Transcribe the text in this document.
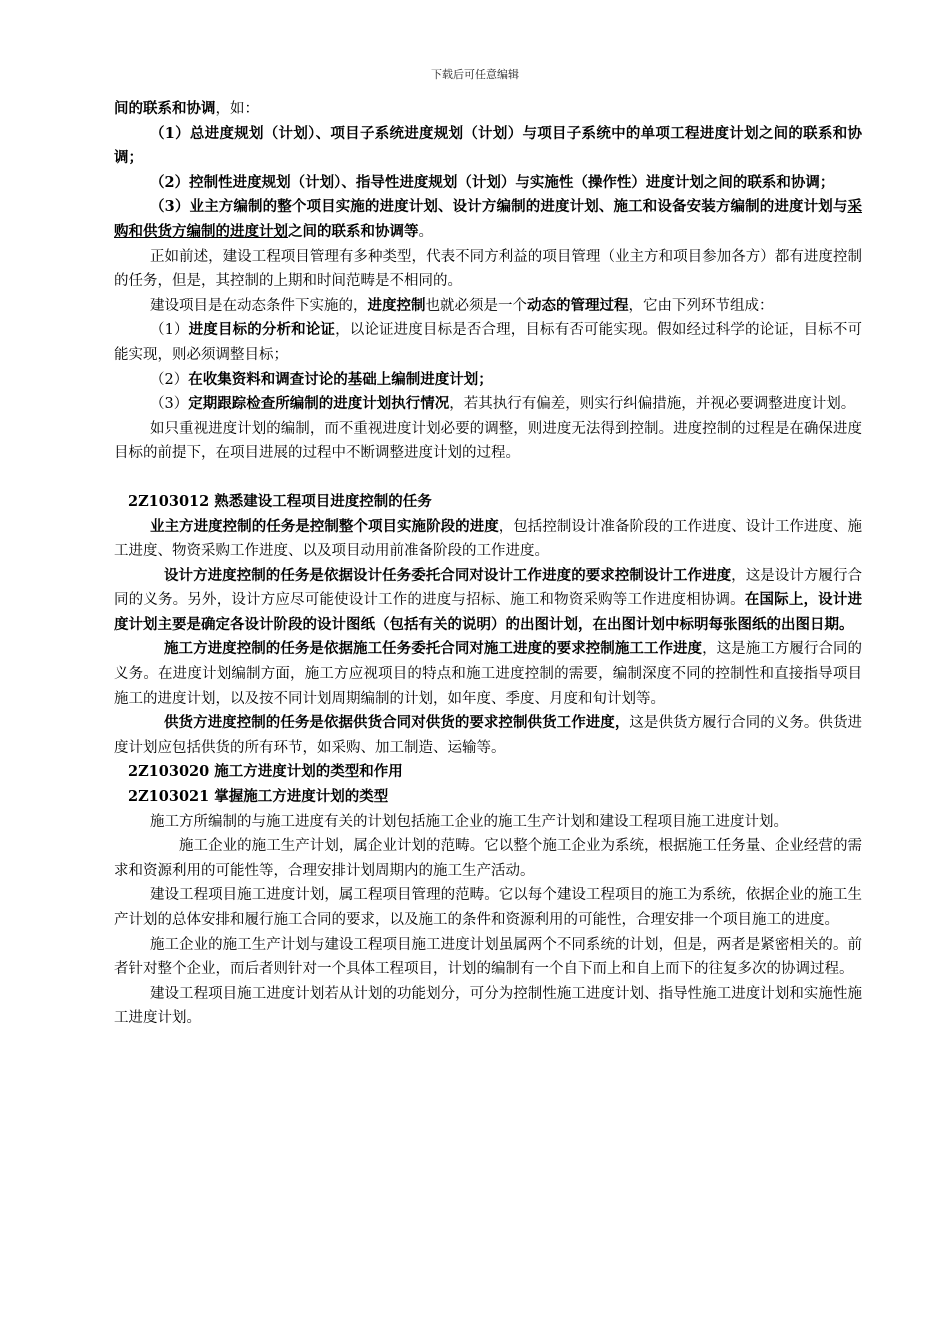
下载后可任意编辑

间的联系和协调，如：

（1）总进度规划（计划）、项目子系统进度规划（计划）与项目子系统中的单项工程进度计划之间的联系和协调；

（2）控制性进度规划（计划）、指导性进度规划（计划）与实施性（操作性）进度计划之间的联系和协调；

（3）业主方编制的整个项目实施的进度计划、设计方编制的进度计划、施工和设备安装方编制的进度计划与采购和供货方编制的进度计划之间的联系和协调等。

正如前述，建设工程项目管理有多种类型，代表不同方利益的项目管理（业主方和项目参加各方）都有进度控制的任务，但是，其控制的上期和时间范畴是不相同的。

建设项目是在动态条件下实施的，进度控制也就必须是一个动态的管理过程，它由下列环节组成：

（1）进度目标的分析和论证，以论证进度目标是否合理，目标有否可能实现。假如经过科学的论证，目标不可能实现，则必须调整目标；

（2）在收集资料和调查讨论的基础上编制进度计划；

（3）定期跟踪检查所编制的进度计划执行情况，若其执行有偏差，则实行纠偏措施，并视必要调整进度计划。

如只重视进度计划的编制，而不重视进度计划必要的调整，则进度无法得到控制。进度控制的过程是在确保进度目标的前提下，在项目进展的过程中不断调整进度计划的过程。

2Z103012 熟悉建设工程项目进度控制的任务

业主方进度控制的任务是控制整个项目实施阶段的进度，包括控制设计准备阶段的工作进度、设计工作进度、施工进度、物资采购工作进度、以及项目动用前准备阶段的工作进度。

设计方进度控制的任务是依据设计任务委托合同对设计工作进度的要求控制设计工作进度，这是设计方履行合同的义务。另外，设计方应尽可能使设计工作的进度与招标、施工和物资采购等工作进度相协调。在国际上，设计进度计划主要是确定各设计阶段的设计图纸（包括有关的说明）的出图计划，在出图计划中标明每张图纸的出图日期。

施工方进度控制的任务是依据施工任务委托合同对施工进度的要求控制施工工作进度，这是施工方履行合同的义务。在进度计划编制方面，施工方应视项目的特点和施工进度控制的需要，编制深度不同的控制性和直接指导项目施工的进度计划，以及按不同计划周期编制的计划，如年度、季度、月度和旬计划等。

供货方进度控制的任务是依据供货合同对供货的要求控制供货工作进度，这是供货方履行合同的义务。供货进度计划应包括供货的所有环节，如采购、加工制造、运输等。

2Z103020 施工方进度计划的类型和作用

2Z103021 掌握施工方进度计划的类型

施工方所编制的与施工进度有关的计划包括施工企业的施工生产计划和建设工程项目施工进度计划。

施工企业的施工生产计划，属企业计划的范畴。它以整个施工企业为系统，根据施工任务量、企业经营的需求和资源利用的可能性等，合理安排计划周期内的施工生产活动。

建设工程项目施工进度计划，属工程项目管理的范畴。它以每个建设工程项目的施工为系统，依据企业的施工生产计划的总体安排和履行施工合同的要求，以及施工的条件和资源利用的可能性，合理安排一个项目施工的进度。

施工企业的施工生产计划与建设工程项目施工进度计划虽属两个不同系统的计划，但是，两者是紧密相关的。前者针对整个企业，而后者则针对一个具体工程项目，计划的编制有一个自下而上和自上而下的往复多次的协调过程。

建设工程项目施工进度计划若从计划的功能划分，可分为控制性施工进度计划、指导性施工进度计划和实施性施工进度计划。
